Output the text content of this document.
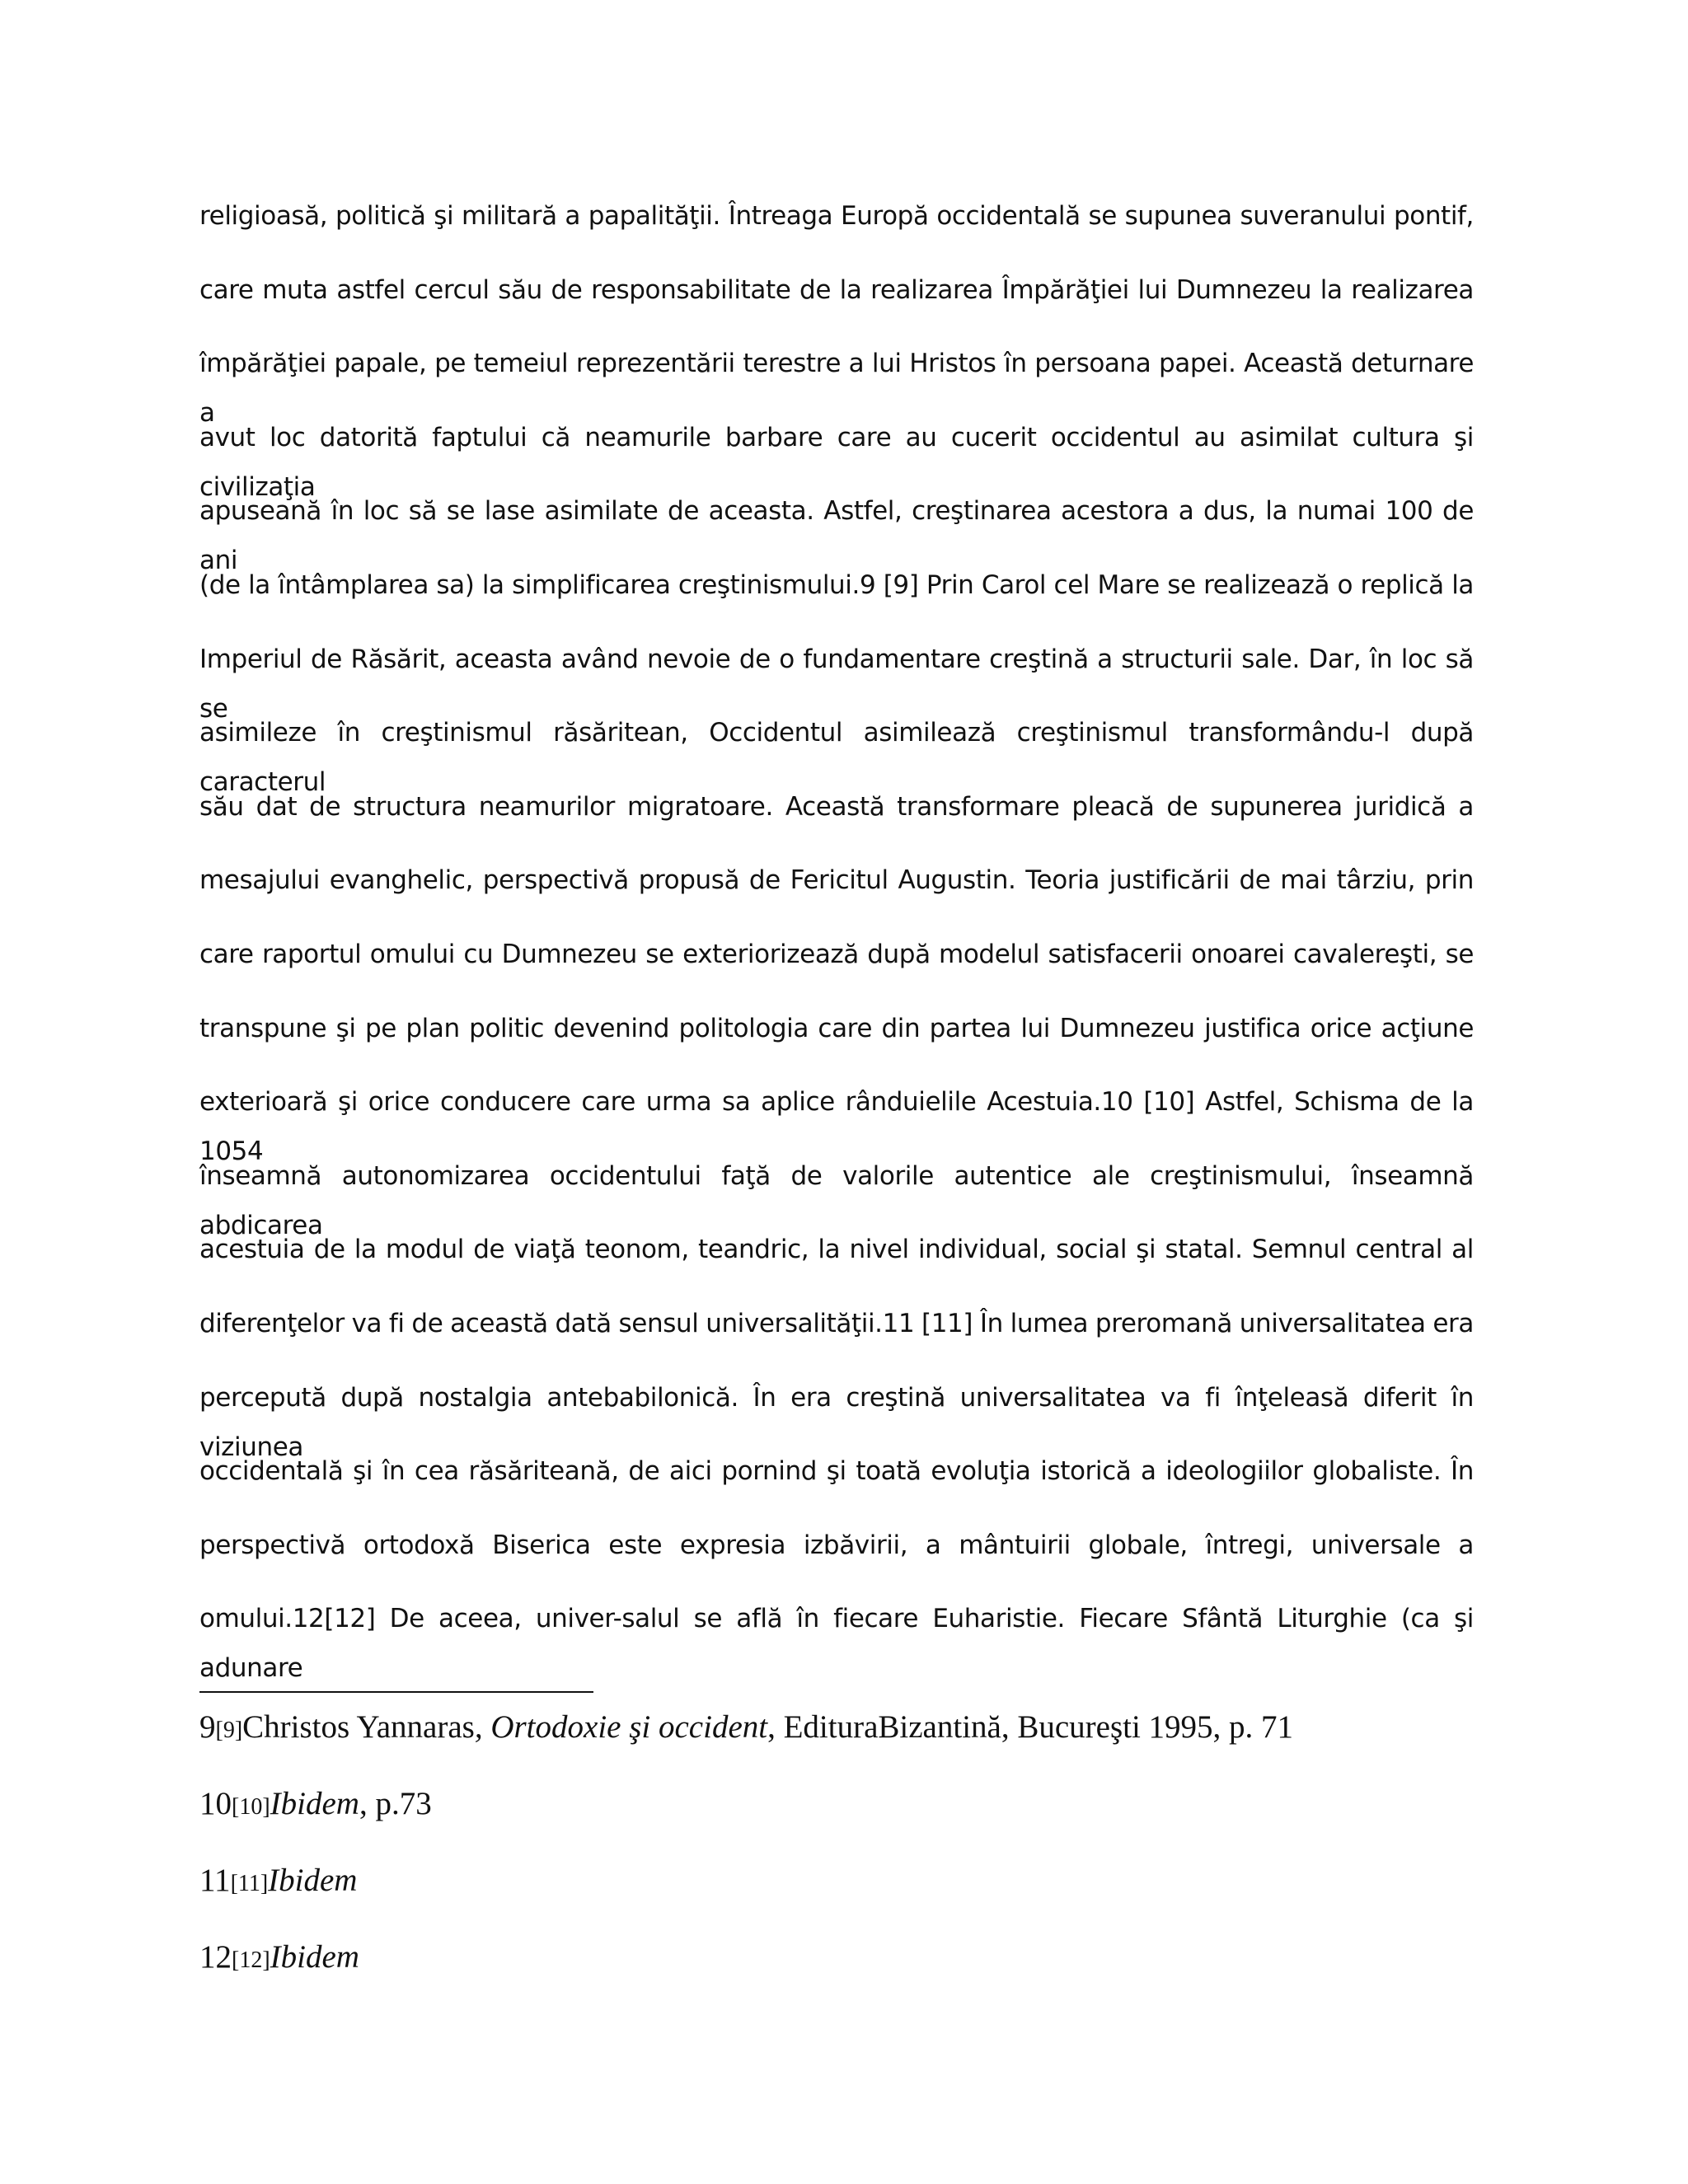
religioasă, politică şi militară a papalităţii. Întreaga Europă occidentală se supunea suveranului pontif,
care muta astfel cercul său de responsabilitate de la realizarea Împărăţiei lui Dumnezeu la realizarea
împărăţiei papale, pe temeiul reprezentării terestre a lui Hristos în persoana papei. Această deturnare a
avut loc datorită faptului că neamurile barbare care au cucerit occidentul au asimilat cultura şi civilizaţia
apuseană în loc să se lase asimilate de aceasta. Astfel, creştinarea acestora a dus, la numai 100 de ani
(de la întâmplarea sa) la simplificarea creştinismului.9 [9] Prin Carol cel Mare se realizează o replică la
Imperiul de Răsărit, aceasta având nevoie de o fundamentare creştină a structurii sale. Dar, în loc să se
asimileze în creştinismul răsăritean, Occidentul asimilează creştinismul transformându-l după caracterul
său dat de structura neamurilor migratoare. Această transformare pleacă de supunerea juridică a
mesajului evanghelic, perspectivă propusă de Fericitul Augustin. Teoria justificării de mai târziu, prin
care raportul omului cu Dumnezeu se exteriorizează după modelul satisfacerii onoarei cavalereşti, se
transpune şi pe plan politic devenind politologia care din partea lui Dumnezeu justifica orice acţiune
exterioară şi orice conducere care urma sa aplice rânduielile Acestuia.10 [10] Astfel, Schisma de la 1054
înseamnă autonomizarea occidentului faţă de valorile autentice ale creştinismului, înseamnă abdicarea
acestuia de la modul de viaţă teonom, teandric, la nivel individual, social şi statal. Semnul central al
diferenţelor va fi de această dată sensul universalităţii.11 [11] În lumea preromană universalitatea era
percepută după nostalgia antebabilonică. În era creştină universalitatea va fi înţeleasă diferit în viziunea
occidentală şi în cea răsăriteană, de aici pornind şi toată evoluţia istorică a ideologiilor globaliste. În
perspectivă ortodoxă Biserica este expresia izbăvirii, a mântuirii globale, întregi, universale a
omului.12[12] De aceea, univer-salul se află în fiecare Euharistie. Fiecare Sfântă Liturghie (ca şi adunare
9[9]Christos Yannaras, Ortodoxie şi occident, EdituraBizantină, Bucureşti 1995, p. 71
10[10]Ibidem, p.73
11[11]Ibidem
12[12]Ibidem
